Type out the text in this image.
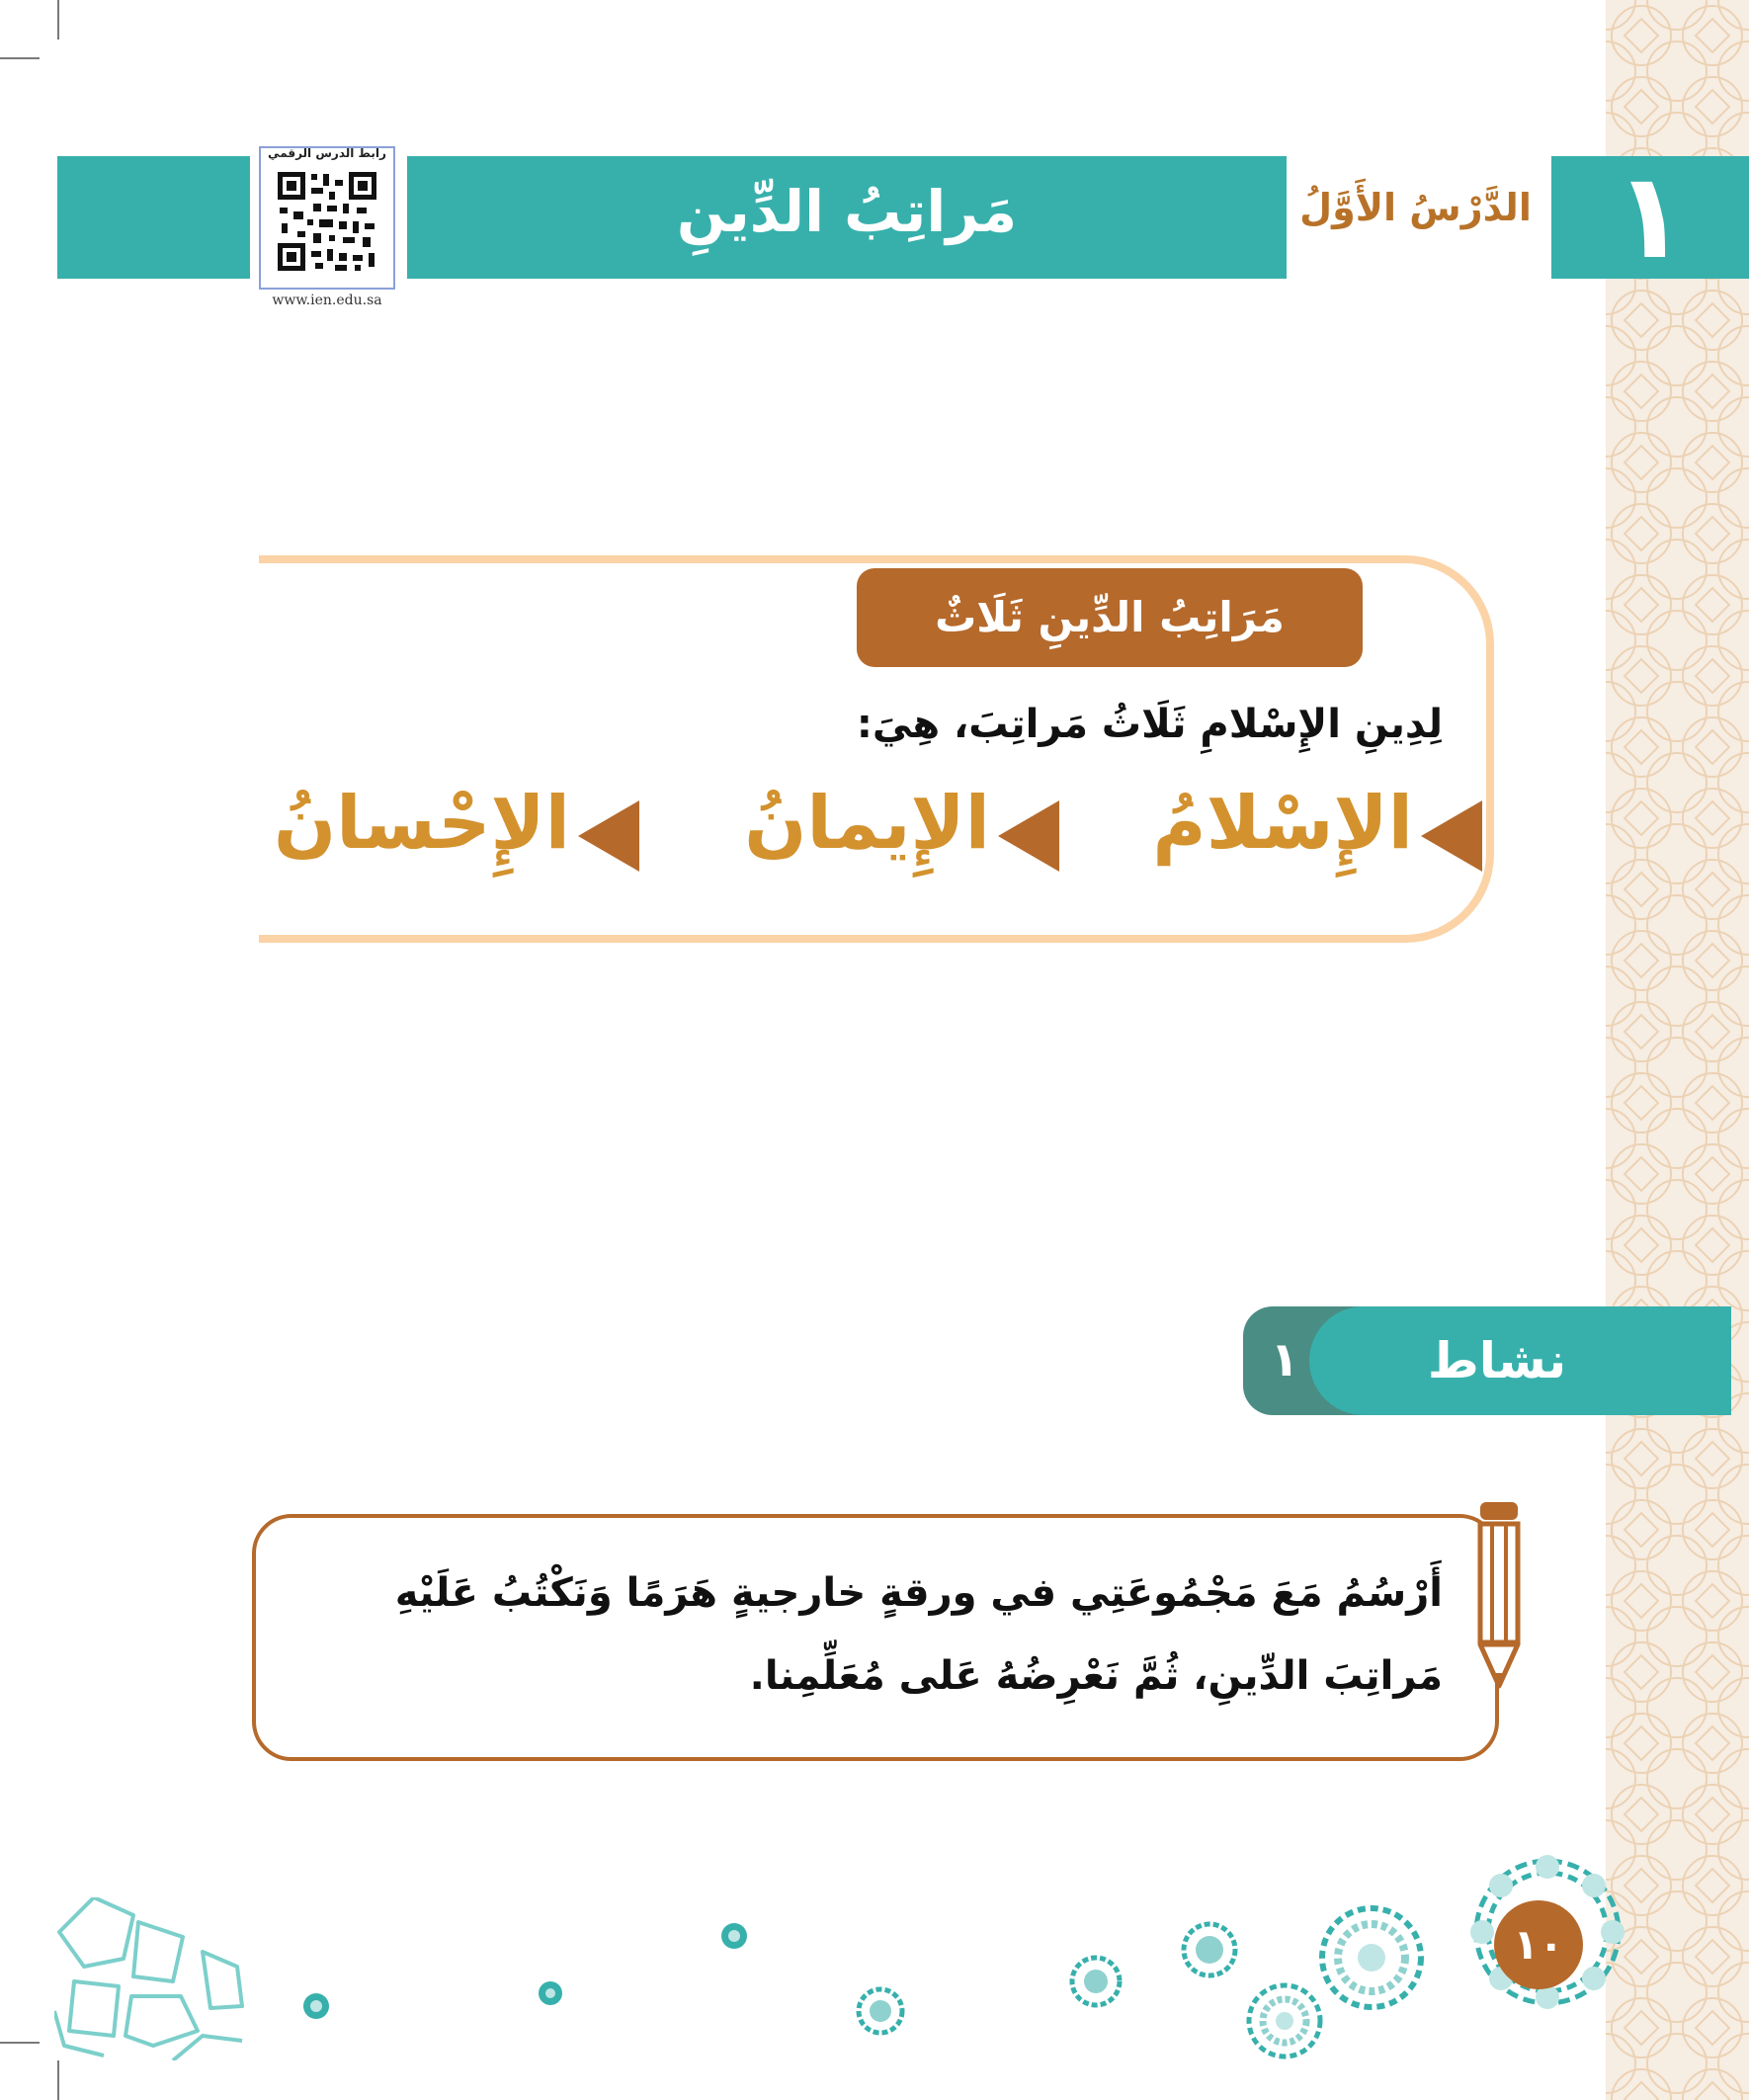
مَراتِبُ الدِّينِ	الدَّرْسُ الأَوَّلُ ١
رابط الدرس الرقمي
www.ien.edu.sa
مَرَاتِبُ الدِّينِ ثَلَاثٌ
لِدِينِ الإِسْلامِ ثَلَاثُ مَراتِبَ، هِيَ:
الإِسْلامُ
الإِيمانُ
الإِحْسانُ
١	نشاط
أَرْسُمُ مَعَ مَجْمُوعَتِي في ورقةٍ خارجيةٍ هَرَمًا وَنَكْتُبُ عَلَيْهِ مَراتِبَ الدِّينِ، ثُمَّ نَعْرِضُهُ عَلى مُعَلِّمِنا.
١٠
